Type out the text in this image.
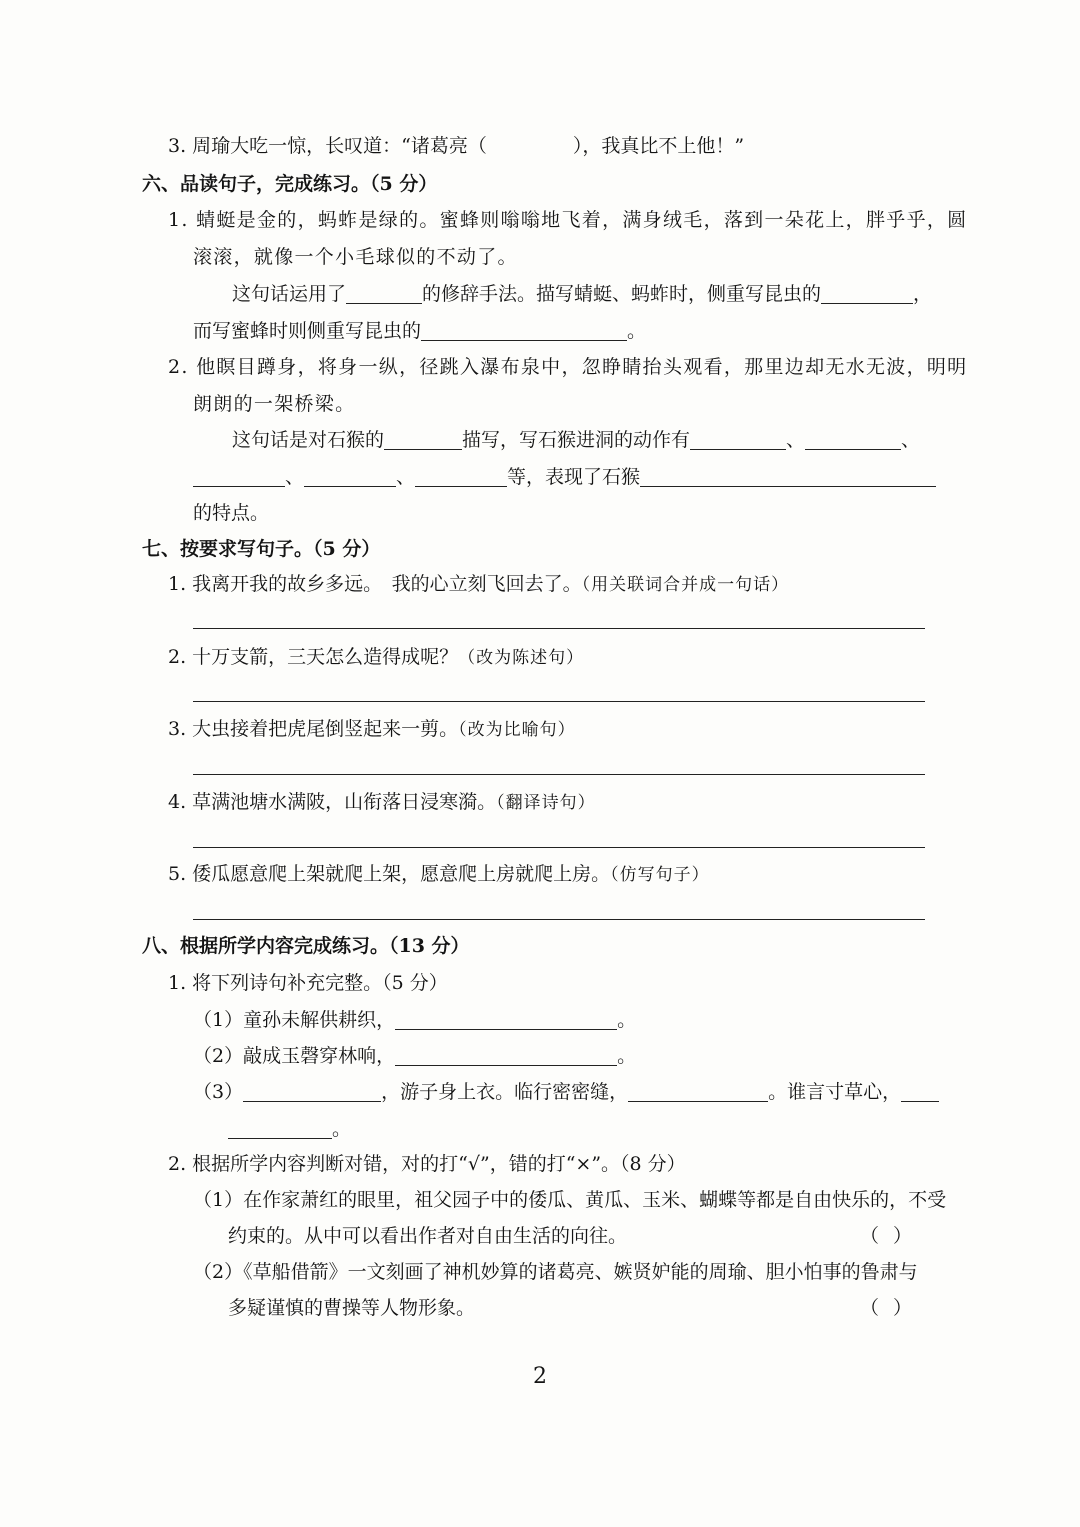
3. 周瑜大吃一惊，长叹道：“诸葛亮（	），我真比不上他！”
六、品读句子，完成练习。（5 分）
1. 蜻蜓是金的，蚂蚱是绿的。蜜蜂则嗡嗡地飞着，满身绒毛，落到一朵花上，胖乎乎，圆
滚滚，就像一个小毛球似的不动了。
这句话运用了	的修辞手法。描写蜻蜓、蚂蚱时，侧重写昆虫的	，
而写蜜蜂时则侧重写昆虫的	。
2. 他瞑目蹲身，将身一纵，径跳入瀑布泉中，忽睁睛抬头观看，那里边却无水无波，明明
朗朗的一架桥梁。
这句话是对石猴的	描写，写石猴进洞的动作有	、	、
、	、	等，表现了石猴
的特点。
七、按要求写句子。（5 分）
1. 我离开我的故乡多远。　我的心立刻飞回去了。（用关联词合并成一句话）
2. 十万支箭，三天怎么造得成呢？（改为陈述句）
3. 大虫接着把虎尾倒竖起来一剪。（改为比喻句）
4. 草满池塘水满陂，山衔落日浸寒漪。（翻译诗句）
5. 倭瓜愿意爬上架就爬上架，愿意爬上房就爬上房。（仿写句子）
八、根据所学内容完成练习。（13 分）
1. 将下列诗句补充完整。（5 分）
（1）童孙未解供耕织，	。
（2）敲成玉磬穿林响，	。
（3）	，游子身上衣。临行密密缝，	。谁言寸草心，
。
2. 根据所学内容判断对错，对的打“√”，错的打“×”。（8 分）
（1）在作家萧红的眼里，祖父园子中的倭瓜、黄瓜、玉米、蝴蝶等都是自由快乐的，不受
约束的。从中可以看出作者对自由生活的向往。	（ ）
（2）《草船借箭》一文刻画了神机妙算的诸葛亮、嫉贤妒能的周瑜、胆小怕事的鲁肃与
多疑谨慎的曹操等人物形象。	（ ）
2
